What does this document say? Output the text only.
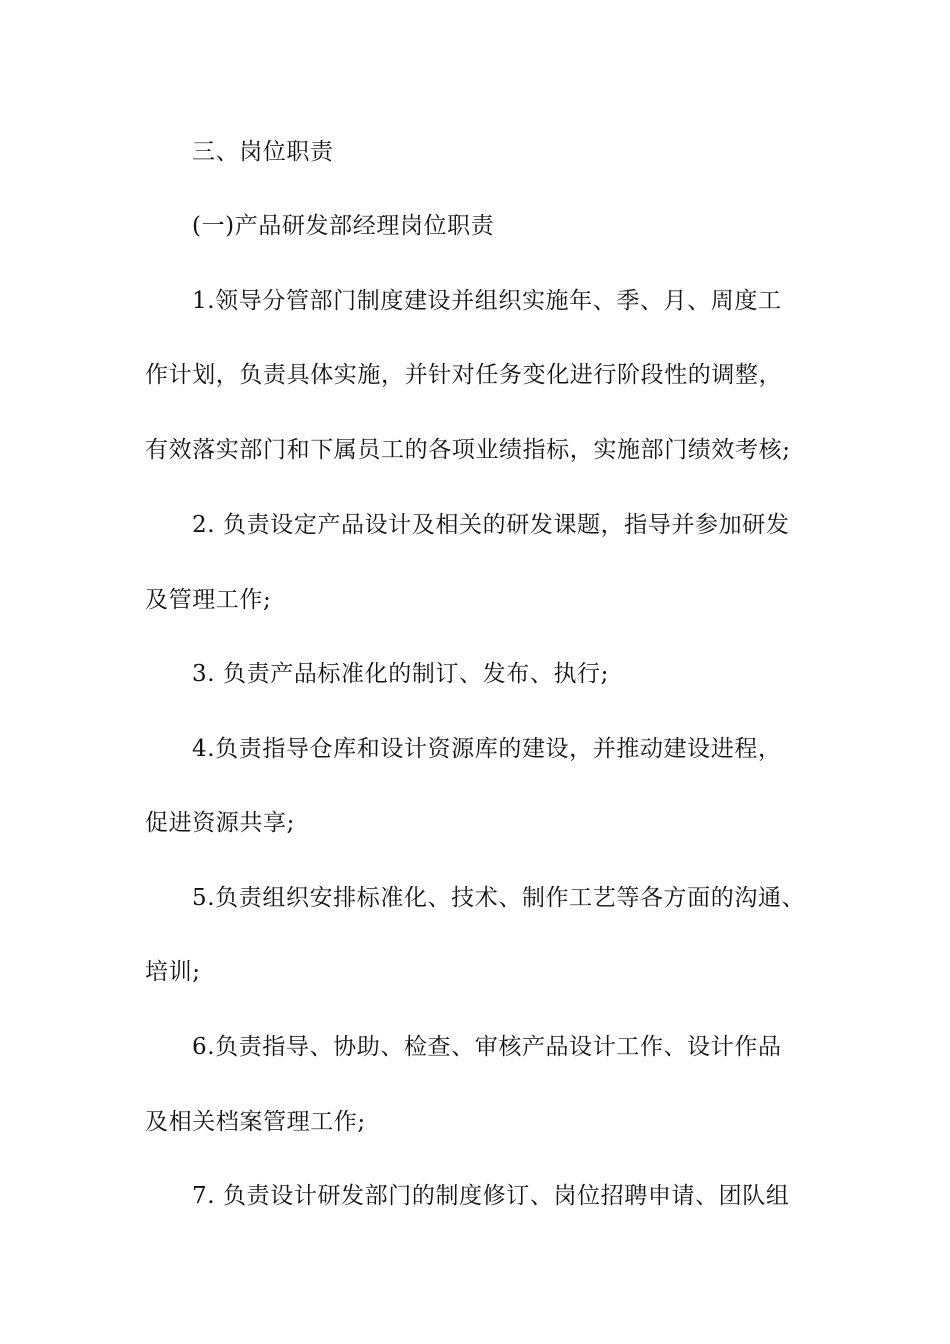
三、岗位职责
(一)产品研发部经理岗位职责
1.领导分管部门制度建设并组织实施年、季、月、周度工
作计划，负责具体实施，并针对任务变化进行阶段性的调整，
有效落实部门和下属员工的各项业绩指标，实施部门绩效考核;
2. 负责设定产品设计及相关的研发课题，指导并参加研发
及管理工作;
3. 负责产品标准化的制订、发布、执行;
4.负责指导仓库和设计资源库的建设，并推动建设进程，
促进资源共享;
5.负责组织安排标准化、技术、制作工艺等各方面的沟通、
培训;
6.负责指导、协助、检查、审核产品设计工作、设计作品
及相关档案管理工作;
7. 负责设计研发部门的制度修订、岗位招聘申请、团队组
